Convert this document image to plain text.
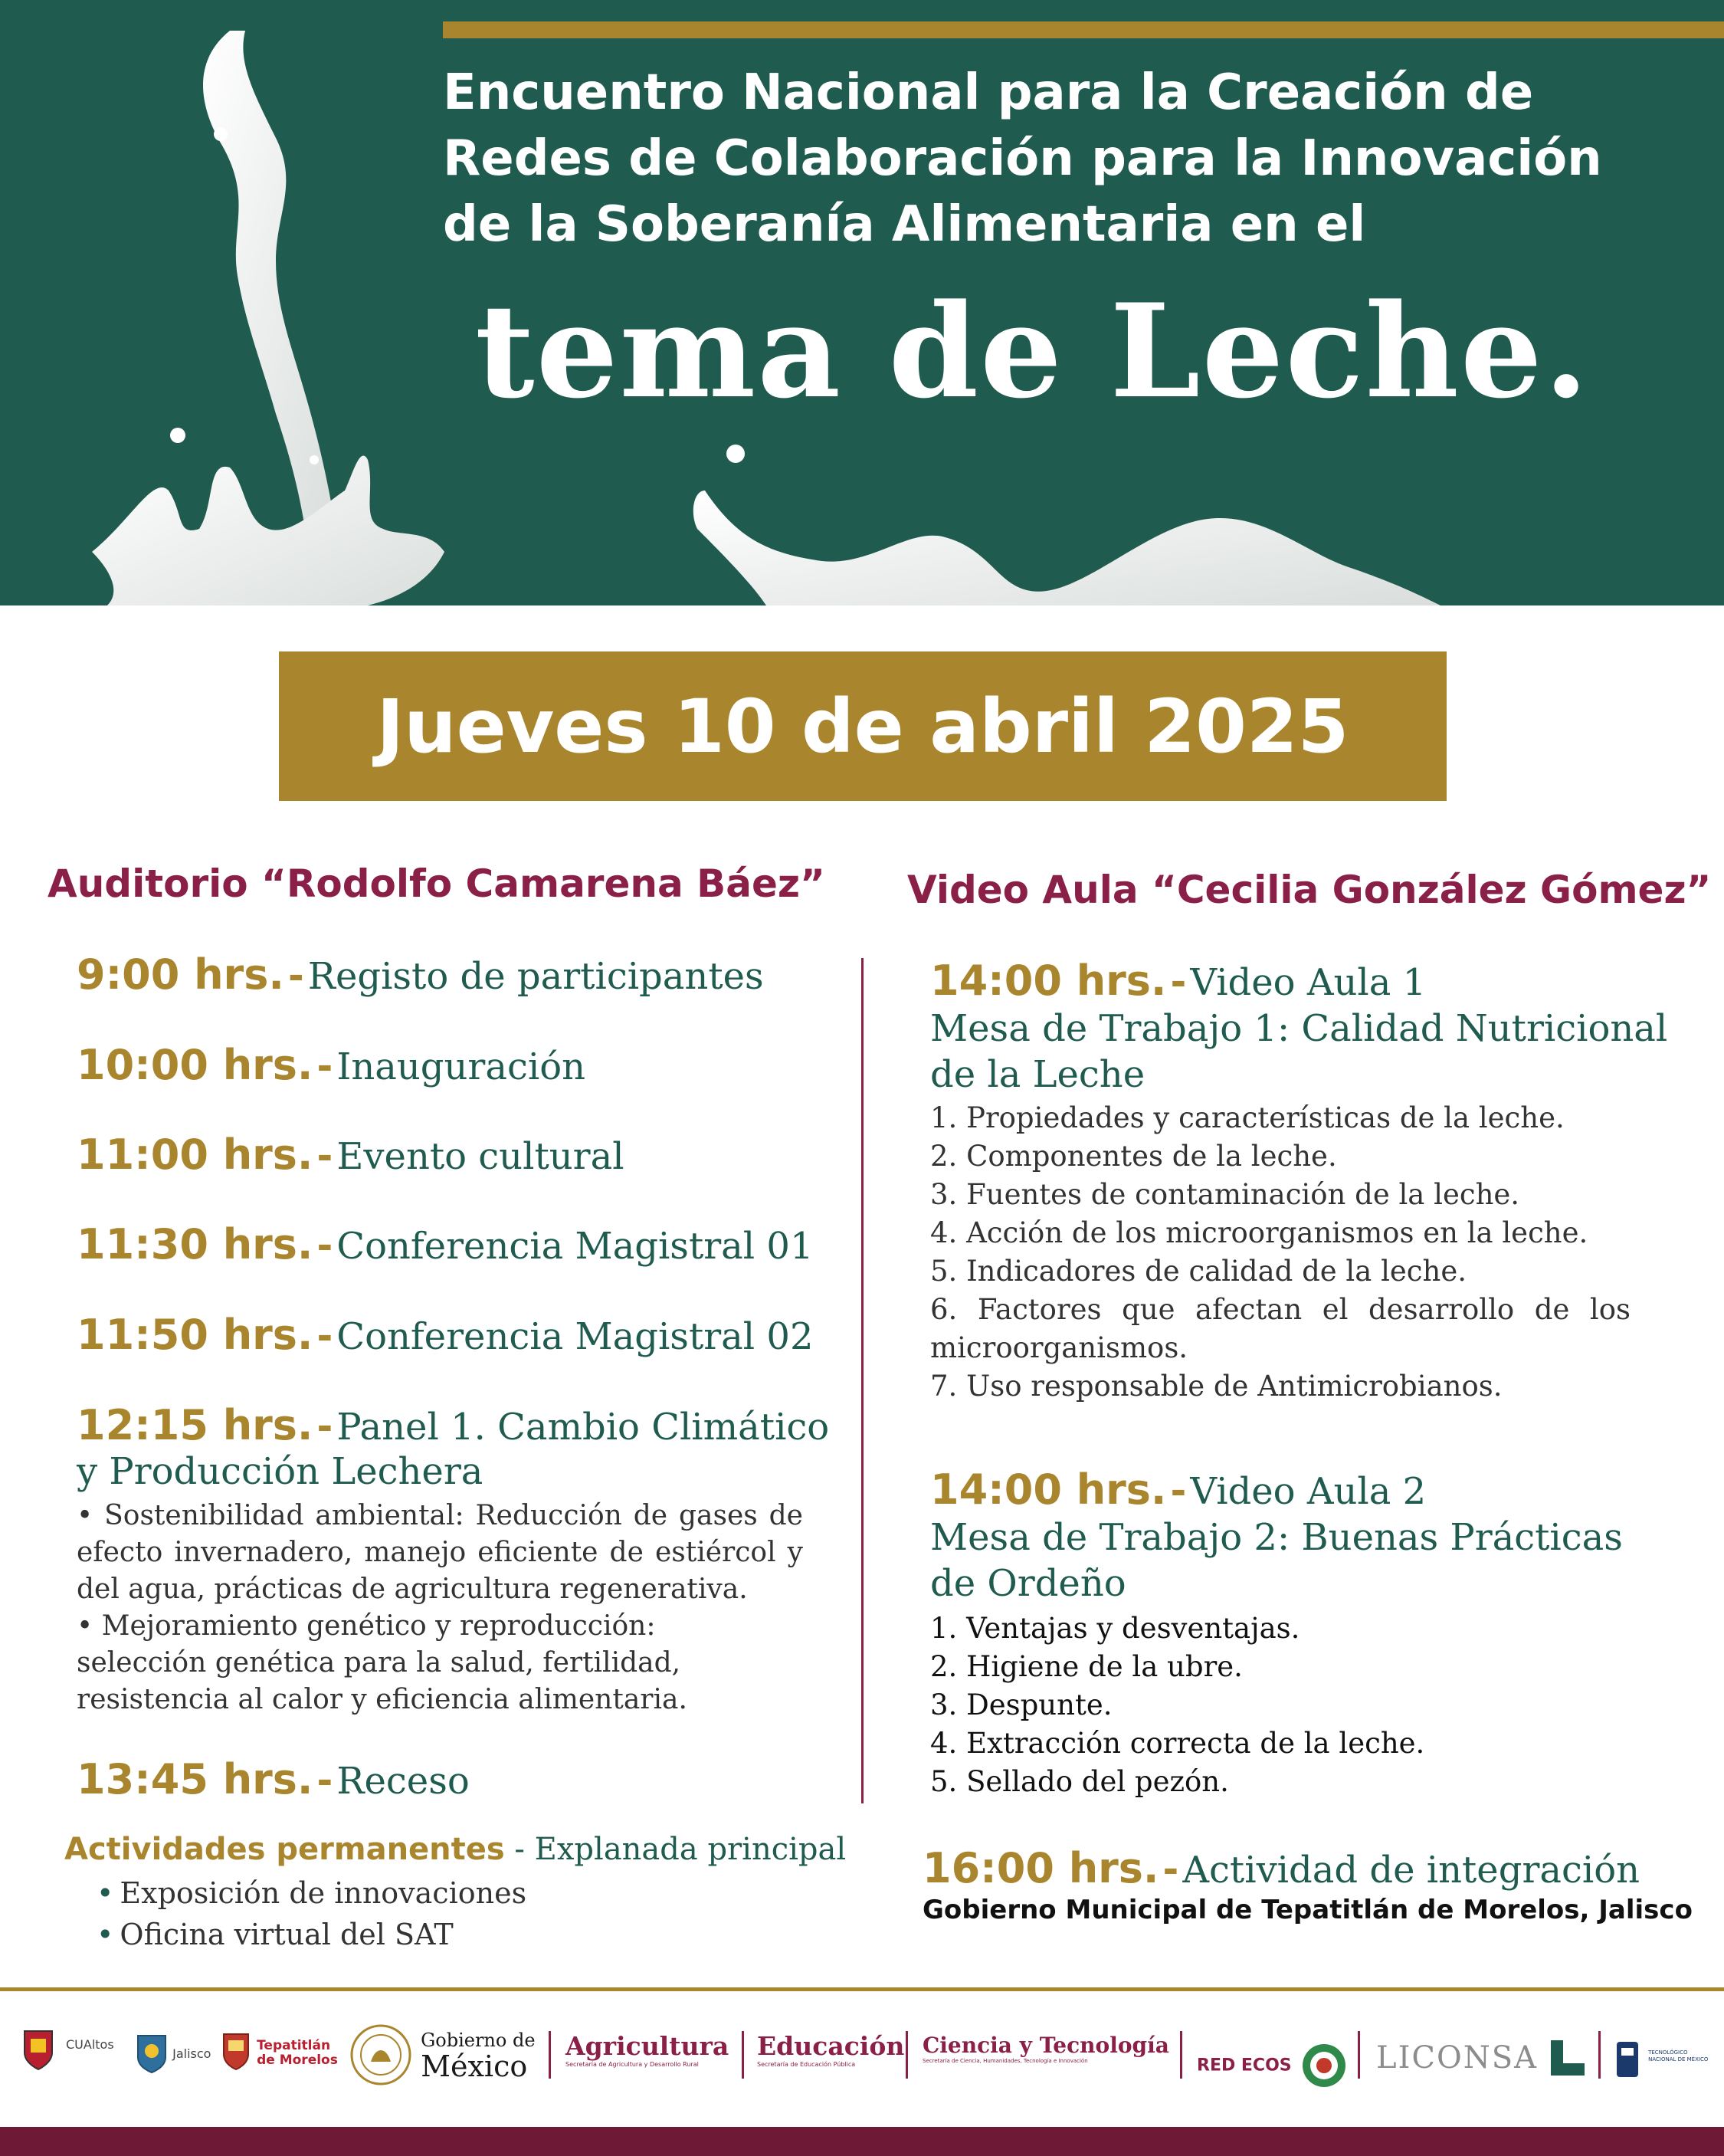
Encuentro Nacional para la Creación de
Redes de Colaboración para la Innovación
de la Soberanía Alimentaria en el
tema de Leche.
Jueves 10 de abril 2025
Auditorio “Rodolfo Camarena Báez”
9:00 hrs. - Registo de participantes
10:00 hrs. - Inauguración
11:00 hrs. - Evento cultural
11:30 hrs. - Conferencia Magistral 01
11:50 hrs. - Conferencia Magistral 02
12:15 hrs. - Panel 1. Cambio Climático
y Producción Lechera
• Sostenibilidad ambiental: Reducción de gases de efecto invernadero, manejo eficiente de estiércol y del agua, prácticas de agricultura regenerativa.
• Mejoramiento genético y reproducción:
selección genética para la salud, fertilidad,
resistencia al calor y eficiencia alimentaria.
13:45 hrs. - Receso
Actividades permanentes - Explanada principal
• Exposición de innovaciones
• Oficina virtual del SAT
Video Aula “Cecilia González Gómez”
14:00 hrs. - Video Aula 1
Mesa de Trabajo 1: Calidad Nutricional
de la Leche
1. Propiedades y características de la leche.
2. Componentes de la leche.
3. Fuentes de contaminación de la leche.
4. Acción de los microorganismos en la leche.
5. Indicadores de calidad de la leche.
6. Factores que afectan el desarrollo de los microorganismos.
7. Uso responsable de Antimicrobianos.
14:00 hrs. - Video Aula 2
Mesa de Trabajo 2: Buenas Prácticas
de Ordeño
1. Ventajas y desventajas.
2. Higiene de la ubre.
3. Despunte.
4. Extracción correcta de la leche.
5. Sellado del pezón.
16:00 hrs. - Actividad de integración
Gobierno Municipal de Tepatitlán de Morelos, Jalisco
CUAltos
Jalisco

Tepatitlán
de Morelos

Gobierno de
México
Agricultura
Secretaría de Agricultura y Desarrollo Rural
Educación
Secretaría de Educación Pública
Ciencia y Tecnología
Secretaría de Ciencia, Humanidades, Tecnología e Innovación	RED ECOS	LICONSA
	TECNOLÓGICO
NACIONAL DE MÉXICO
